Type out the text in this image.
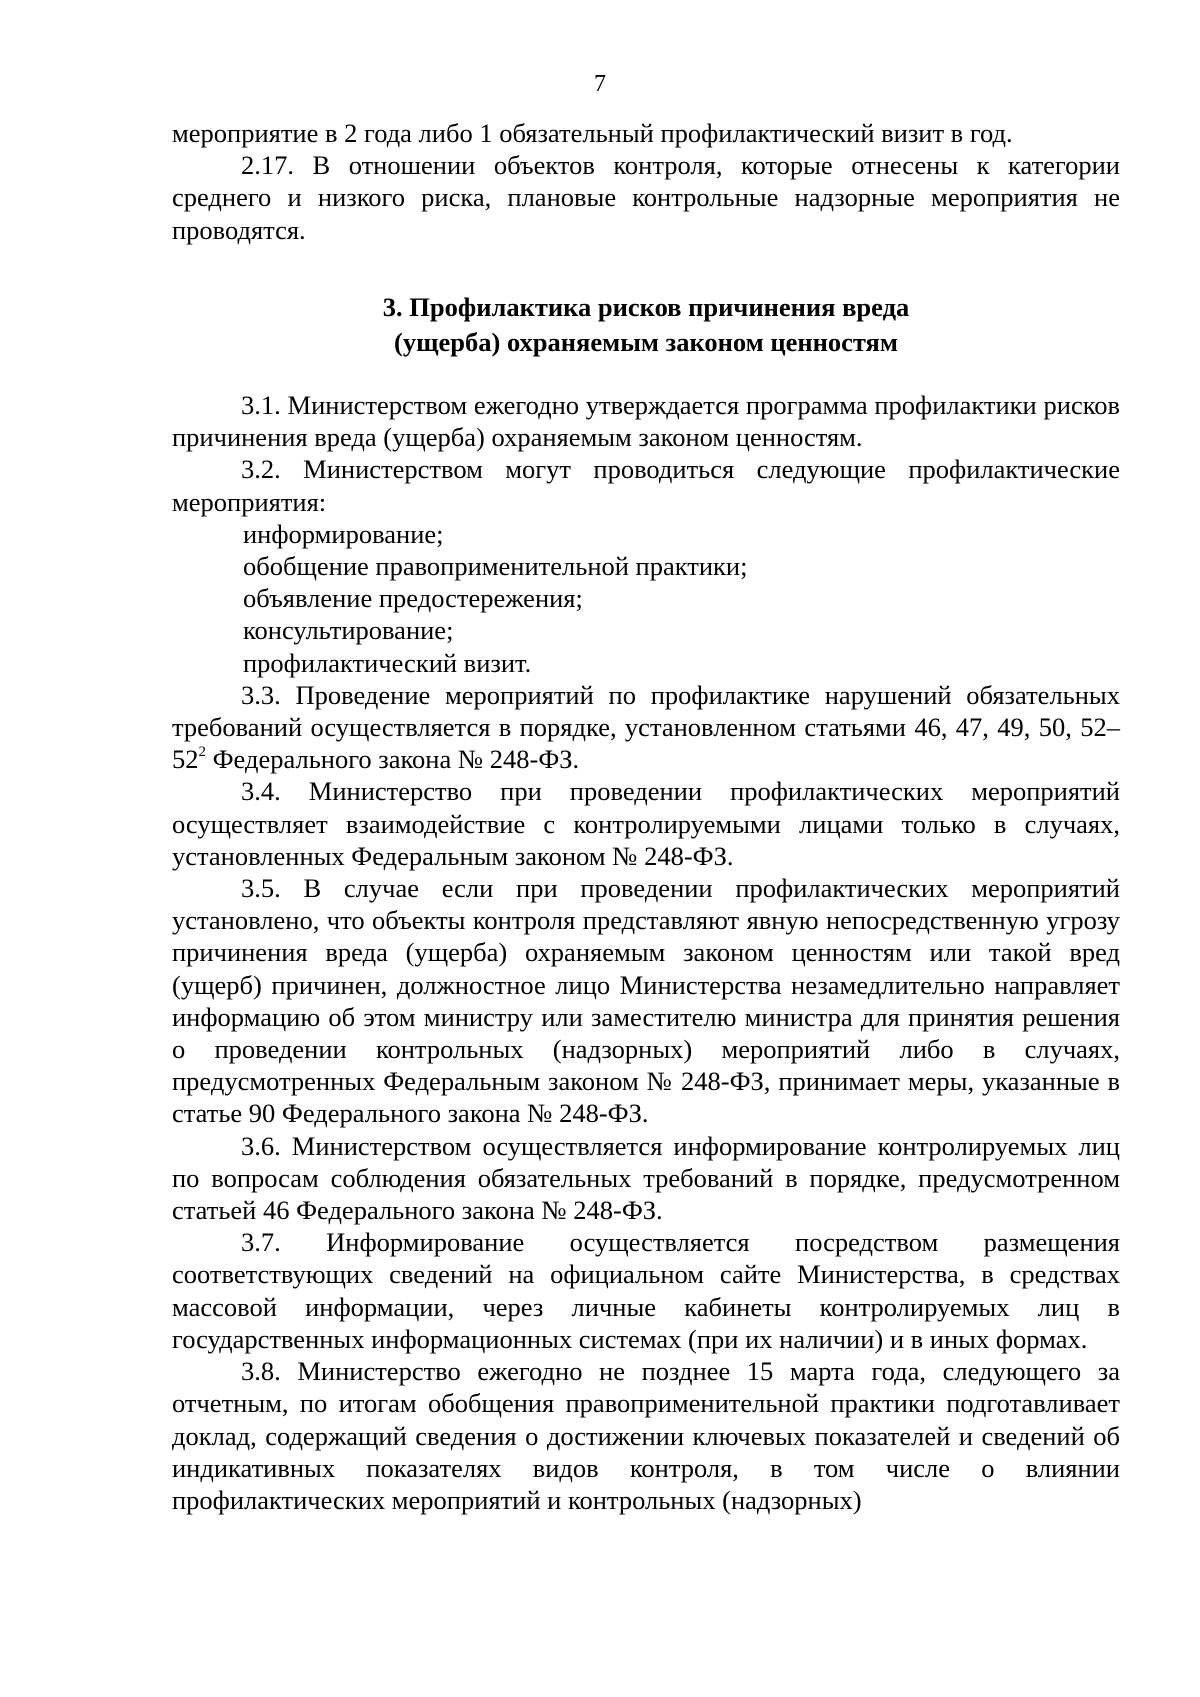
7

мероприятие в 2 года либо 1 обязательный профилактический визит в год.

2.17. В отношении объектов контроля, которые отнесены к категории среднего и низкого риска, плановые контрольные надзорные мероприятия не проводятся.

3. Профилактика рисков причинения вреда
(ущерба) охраняемым законом ценностям

3.1. Министерством ежегодно утверждается программа профилактики рисков причинения вреда (ущерба) охраняемым законом ценностям.

3.2. Министерством могут проводиться следующие профилактические мероприятия:

информирование;

обобщение правоприменительной практики;

объявление предостережения;

консультирование;

профилактический визит.

3.3. Проведение мероприятий по профилактике нарушений обязательных требований осуществляется в порядке, установленном статьями 46, 47, 49, 50, $52-52^2$ Федерального закона № 248-ФЗ.

3.4. Министерство при проведении профилактических мероприятий осуществляет взаимодействие с контролируемыми лицами только в случаях, установленных Федеральным законом № 248-ФЗ.

3.5. В случае если при проведении профилактических мероприятий установлено, что объекты контроля представляют явную непосредственную угрозу причинения вреда (ущерба) охраняемым законом ценностям или такой вред (ущерб) причинен, должностное лицо Министерства незамедлительно направляет информацию об этом министру или заместителю министра для принятия решения о проведении контрольных (надзорных) мероприятий либо в случаях, предусмотренных Федеральным законом № 248-ФЗ, принимает меры, указанные в статье 90 Федерального закона № 248-ФЗ.

3.6. Министерством осуществляется информирование контролируемых лиц по вопросам соблюдения обязательных требований в порядке, предусмотренном статьей 46 Федерального закона № 248-ФЗ.

3.7. Информирование осуществляется посредством размещения соответствующих сведений на официальном сайте Министерства, в средствах массовой информации, через личные кабинеты контролируемых лиц в государственных информационных системах (при их наличии) и в иных формах.

3.8. Министерство ежегодно не позднее 15 марта года, следующего за отчетным, по итогам обобщения правоприменительной практики подготавливает доклад, содержащий сведения о достижении ключевых показателей и сведений об индикативных показателях видов контроля, в том числе о влиянии профилактических мероприятий и контрольных (надзорных)
